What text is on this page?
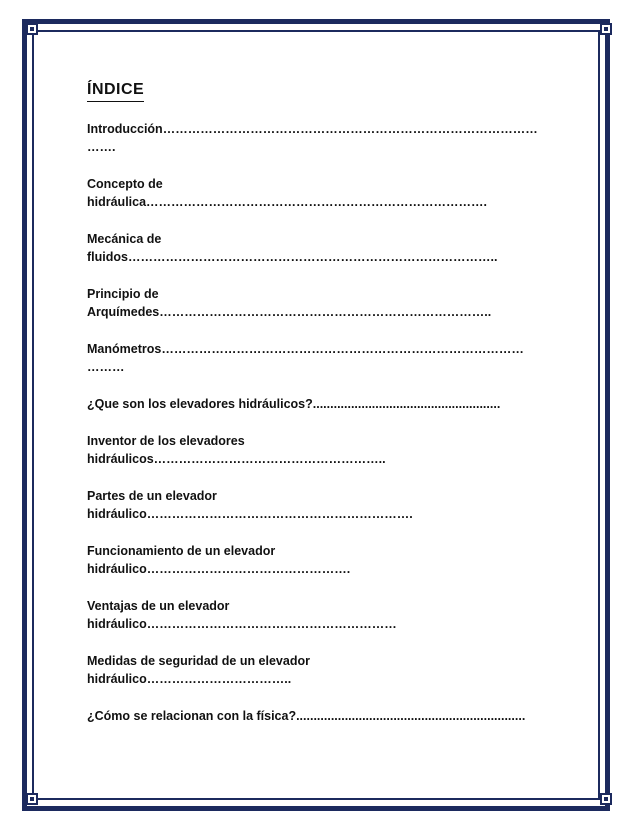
ÍNDICE
Introducción………………………………………………………………………………
…….
Concepto de
hidráulica……………………………………………………………………….
Mecánica de
fluidos……………………………………………………………………………..
Principio de
Arquímedes……………………………………………………………………..
Manómetros……………………………………………………………………………
………
¿Que son los elevadores hidráulicos?......................................................
Inventor de los elevadores
hidráulicos………………………………………………..
Partes de un elevador
hidráulico……………………………………………………….
Funcionamiento de un elevador
hidráulico………………………………………….
Ventajas de un elevador
hidráulico……………………………………………………
Medidas de seguridad de un elevador
hidráulico……………………………..
¿Cómo se relacionan con la física?..................................................................
